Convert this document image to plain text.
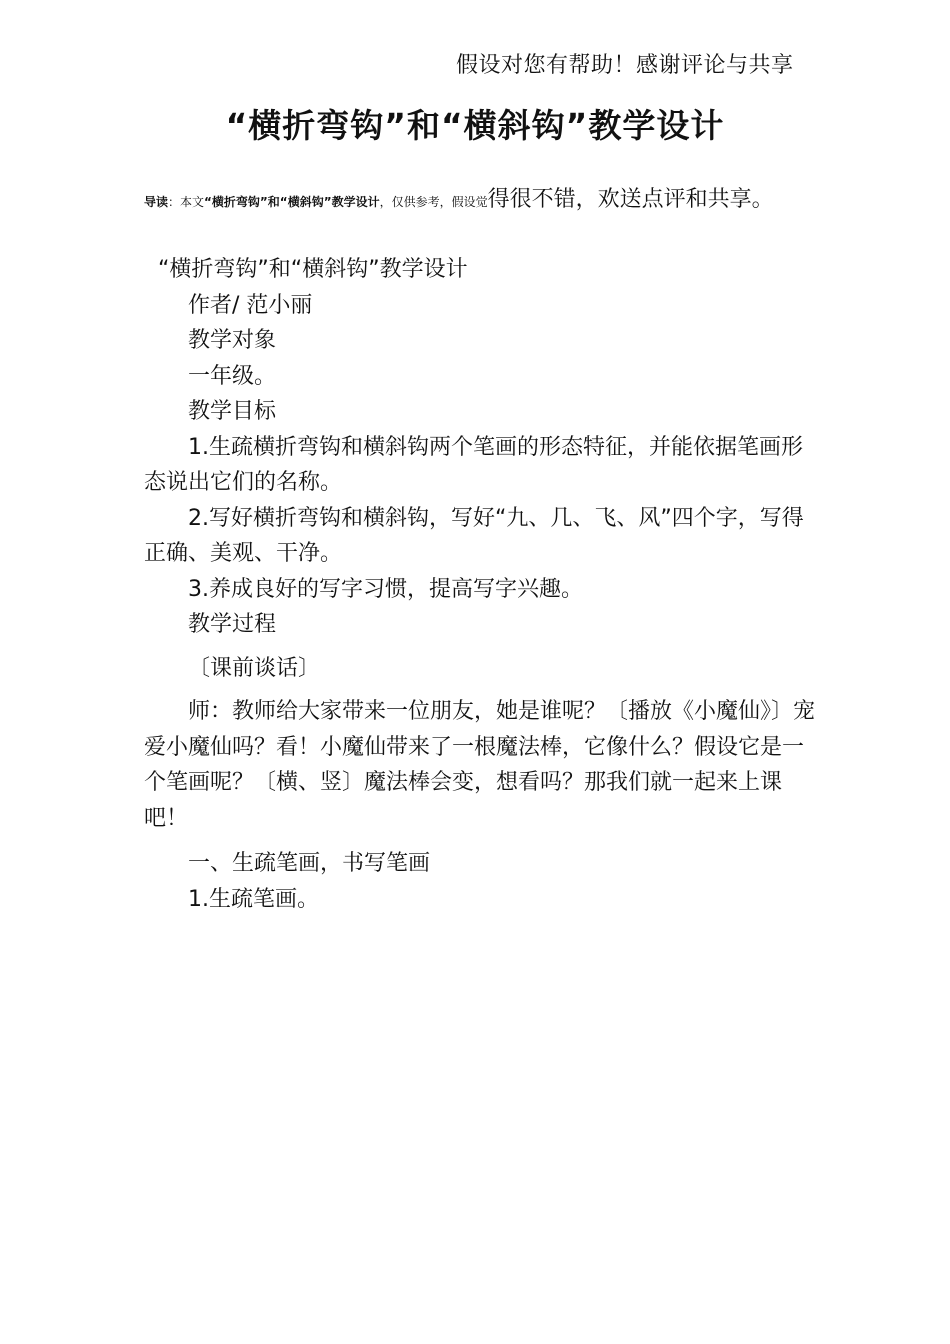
假设对您有帮助！感谢评论与共享
“横折弯钩”和“横斜钩”教学设计
导读：本文“横折弯钩”和“横斜钩”教学设计，仅供参考，假设觉得很不错，欢送点评和共享。

“横折弯钩”和“横斜钩”教学设计

作者/ 范小丽

教学对象

一年级。

教学目标

1.生疏横折弯钩和横斜钩两个笔画的形态特征，并能依据笔画形态说出它们的名称。

2.写好横折弯钩和横斜钩，写好“九、几、飞、风”四个字，写得正确、美观、干净。

3.养成良好的写字习惯，提高写字兴趣。

教学过程

〔课前谈话〕

师：教师给大家带来一位朋友，她是谁呢？〔播放《小魔仙》〕宠爱小魔仙吗？看！小魔仙带来了一根魔法棒，它像什么？假设它是一个笔画呢？〔横、竖〕魔法棒会变，想看吗？那我们就一起来上课吧！

一、生疏笔画，书写笔画

1.生疏笔画。
